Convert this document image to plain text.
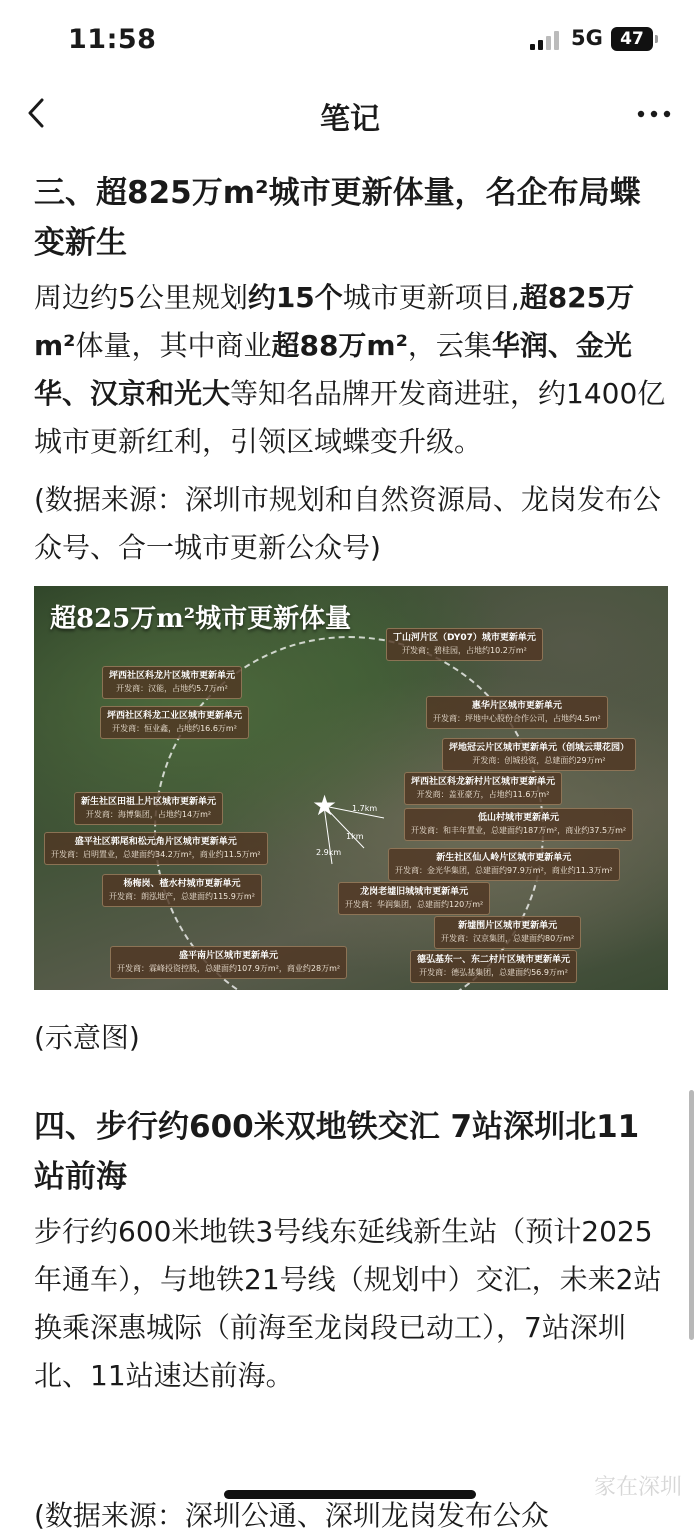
11:58	5G	47
笔记
三、超825万m²城市更新体量，名企布局蝶变新生
周边约5公里规划约15个城市更新项目,超825万m²体量，其中商业超88万m²，云集华润、金光华、汉京和光大等知名品牌开发商进驻，约1400亿城市更新红利，引领区域蝶变升级。
(数据来源：深圳市规划和自然资源局、龙岗发布公众号、合一城市更新公众号)
★
超825万m²城市更新体量
1.7km
1km
2.9km
坪西社区科龙片区城市更新单元
开发商：汉能，占地约5.7万m²
坪西社区科龙工业区城市更新单元
开发商：恒业鑫，占地约16.6万m²
新生社区田祖上片区城市更新单元
开发商：海博集团，占地约14万m²
盛平社区郭尾和松元角片区城市更新单元
开发商：启明置业，总建面约34.2万m²，商业约11.5万m²
杨梅岗、楂水村城市更新单元
开发商：朗泓地产，总建面约115.9万m²
盛平南片区城市更新单元
开发商：霖峰投资控股，总建面约107.9万m²，商业约28万m²
丁山河片区（DY07）城市更新单元
开发商：碧桂园，占地约10.2万m²
惠华片区城市更新单元
开发商：坪地中心股份合作公司，占地约4.5m²
坪地冠云片区城市更新单元（创城云璟花园）
开发商：创城投资，总建面约29万m²
坪西社区科龙新村片区城市更新单元
开发商：盖亚豪方，占地约11.6万m²
低山村城市更新单元
开发商：和丰年置业，总建面约187万m²，商业约37.5万m²
新生社区仙人岭片区城市更新单元
开发商：金光华集团，总建面约97.9万m²，商业约11.3万m²
龙岗老墟旧城城市更新单元
开发商：华润集团，总建面约120万m²
新墟围片区城市更新单元
开发商：汉京集团，总建面约80万m²
德弘基东一、东二村片区城市更新单元
开发商：德弘基集团，总建面约56.9万m²
(示意图)
四、步行约600米双地铁交汇 7站深圳北11站前海
步行约600米地铁3号线东延线新生站（预计2025年通车），与地铁21号线（规划中）交汇，未来2站换乘深惠城际（前海至龙岗段已动工），7站深圳北、11站速达前海。
(数据来源：深圳公通、深圳龙岗发布公众
家在深圳
